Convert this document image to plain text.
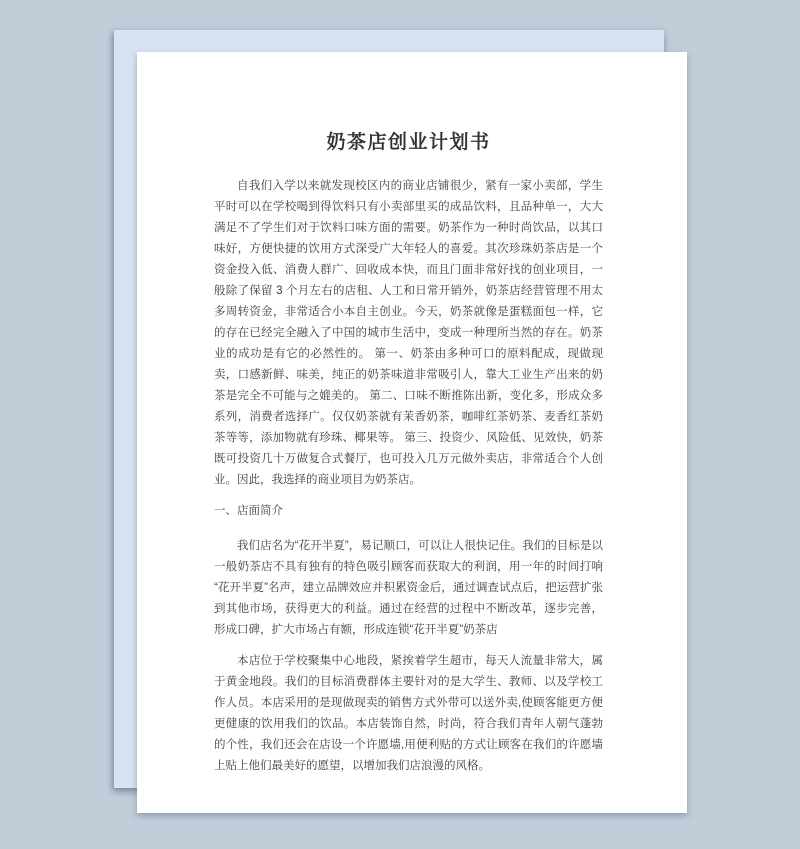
奶茶店创业计划书

自我们入学以来就发现校区内的商业店铺很少，紧有一家小卖部，学生平时可以在学校喝到得饮料只有小卖部里买的成品饮料，且品种单一，大大满足不了学生们对于饮料口味方面的需要。奶茶作为一种时尚饮品，以其口味好，方便快捷的饮用方式深受广大年轻人的喜爱。其次珍珠奶茶店是一个资金投入低、消费人群广、回收成本快，而且门面非常好找的创业项目，一般除了保留 3 个月左右的店租、人工和日常开销外，奶茶店经营管理不用太多周转资金，非常适合小本自主创业。今天，奶茶就像是蛋糕面包一样，它的存在已经完全融入了中国的城市生活中，变成一种理所当然的存在。奶茶业的成功是有它的必然性的。 第一、奶茶由多种可口的原料配成，现做现卖，口感新鲜、味美，纯正的奶茶味道非常吸引人，靠大工业生产出来的奶茶是完全不可能与之媲美的。 第二、口味不断推陈出新，变化多，形成众多系列，消费者选择广。仅仅奶茶就有茉香奶茶，咖啡红茶奶茶、麦香红茶奶茶等等，添加物就有珍珠、椰果等。 第三、投资少、风险低、见效快，奶茶既可投资几十万做复合式餐厅，也可投入几万元做外卖店，非常适合个人创业。因此，我选择的商业项目为奶茶店。

一、店面简介

我们店名为“花开半夏”，易记顺口，可以让人很快记住。我们的目标是以一般奶茶店不具有独有的特色吸引顾客而获取大的利润，用一年的时间打响“花开半夏”名声，建立品牌效应并积累资金后，通过调查试点后，把运营扩张到其他市场，获得更大的利益。通过在经营的过程中不断改革，逐步完善，形成口碑，扩大市场占有额，形成连锁“花开半夏”奶茶店

本店位于学校聚集中心地段，紧挨着学生超市，每天人流量非常大，属于黄金地段。我们的目标消费群体主要针对的是大学生、教师、以及学校工作人员。本店采用的是现做现卖的销售方式外带可以送外卖,使顾客能更方便更健康的饮用我们的饮品。本店装饰自然，时尚，符合我们青年人朝气蓬勃的个性，我们还会在店设一个许愿墙,用便利贴的方式让顾客在我们的许愿墙上贴上他们最美好的愿望，以增加我们店浪漫的风格。
